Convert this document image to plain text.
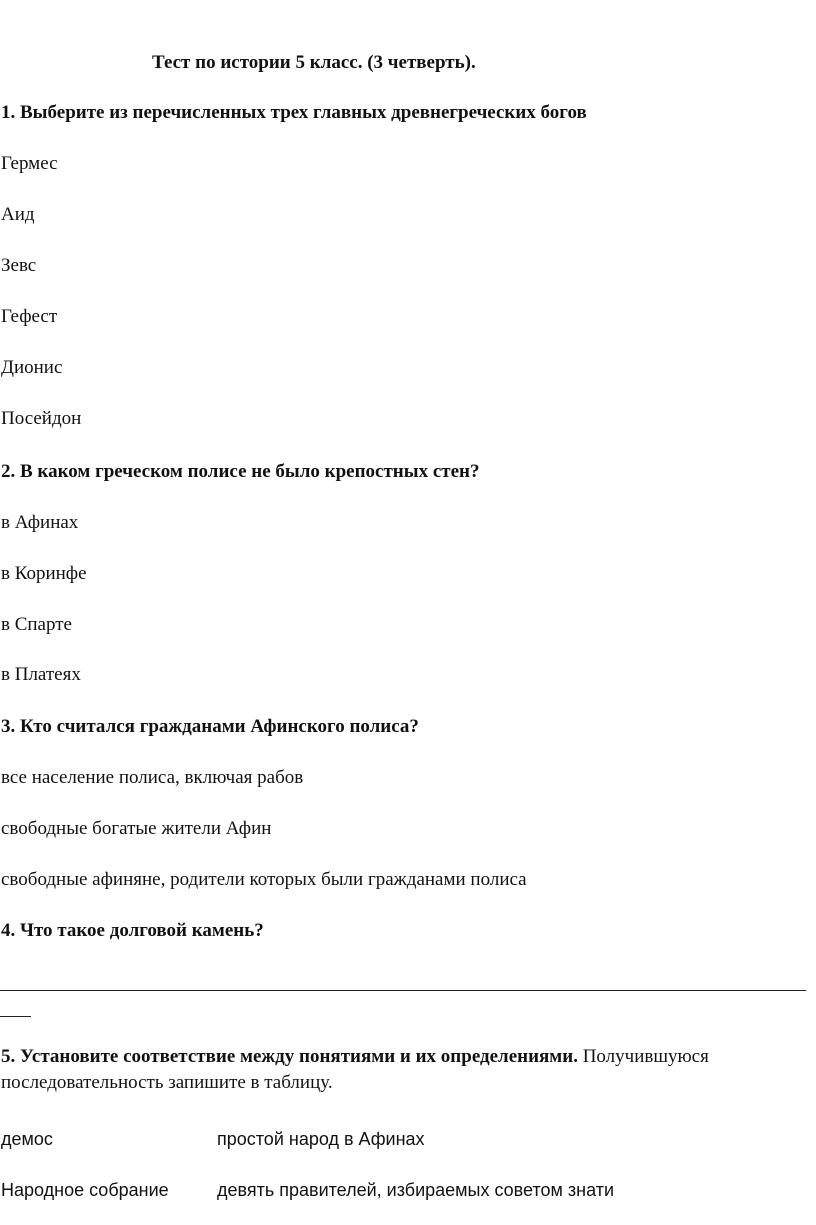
Тест по истории 5 класс. (3 четверть).
1. Выберите из перечисленных трех главных древнегреческих богов
Гермес
Аид
Зевс
Гефест
Дионис
Посейдон
2. В каком греческом полисе не было крепостных стен?
в Афинах
в Коринфе
в Спарте
в Платеях
3. Кто считался гражданами Афинского полиса?
все население полиса, включая рабов
свободные богатые жители Афин
свободные афиняне, родители которых были гражданами полиса
4. Что такое долговой камень?
5. Установите соответствие между понятиями и их определениями. Получившуюся
последовательность запишите в таблицу.
демос	простой народ в Афинах
Народное собрание	девять правителей, избираемых советом знати
